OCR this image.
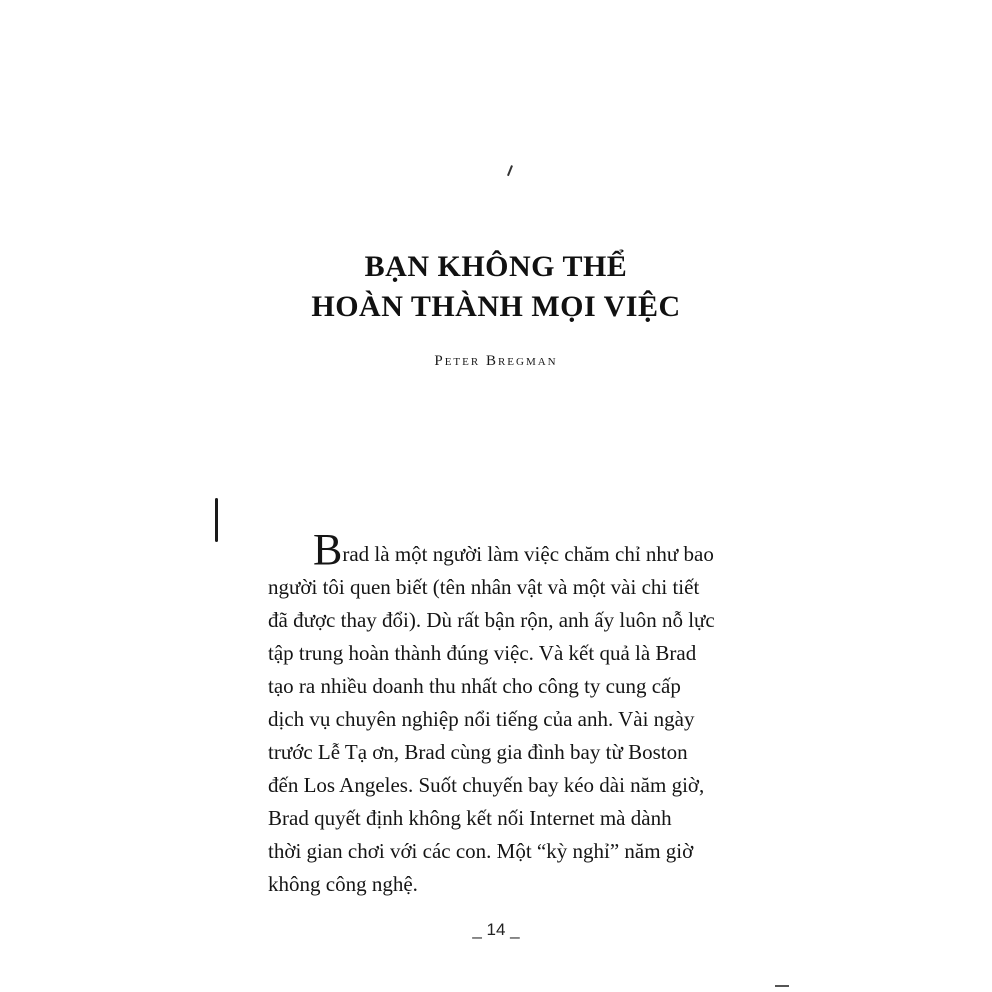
BẠN KHÔNG THỂ
HOÀN THÀNH MỌI VIỆC
Peter Bregman
Brad là một người làm việc chăm chỉ như bao
người tôi quen biết (tên nhân vật và một vài chi tiết
đã được thay đổi). Dù rất bận rộn, anh ấy luôn nỗ lực
tập trung hoàn thành đúng việc. Và kết quả là Brad
tạo ra nhiều doanh thu nhất cho công ty cung cấp
dịch vụ chuyên nghiệp nổi tiếng của anh. Vài ngày
trước Lễ Tạ ơn, Brad cùng gia đình bay từ Boston
đến Los Angeles. Suốt chuyến bay kéo dài năm giờ,
Brad quyết định không kết nối Internet mà dành
thời gian chơi với các con. Một “kỳ nghỉ” năm giờ
không công nghệ.
_ 14 _
